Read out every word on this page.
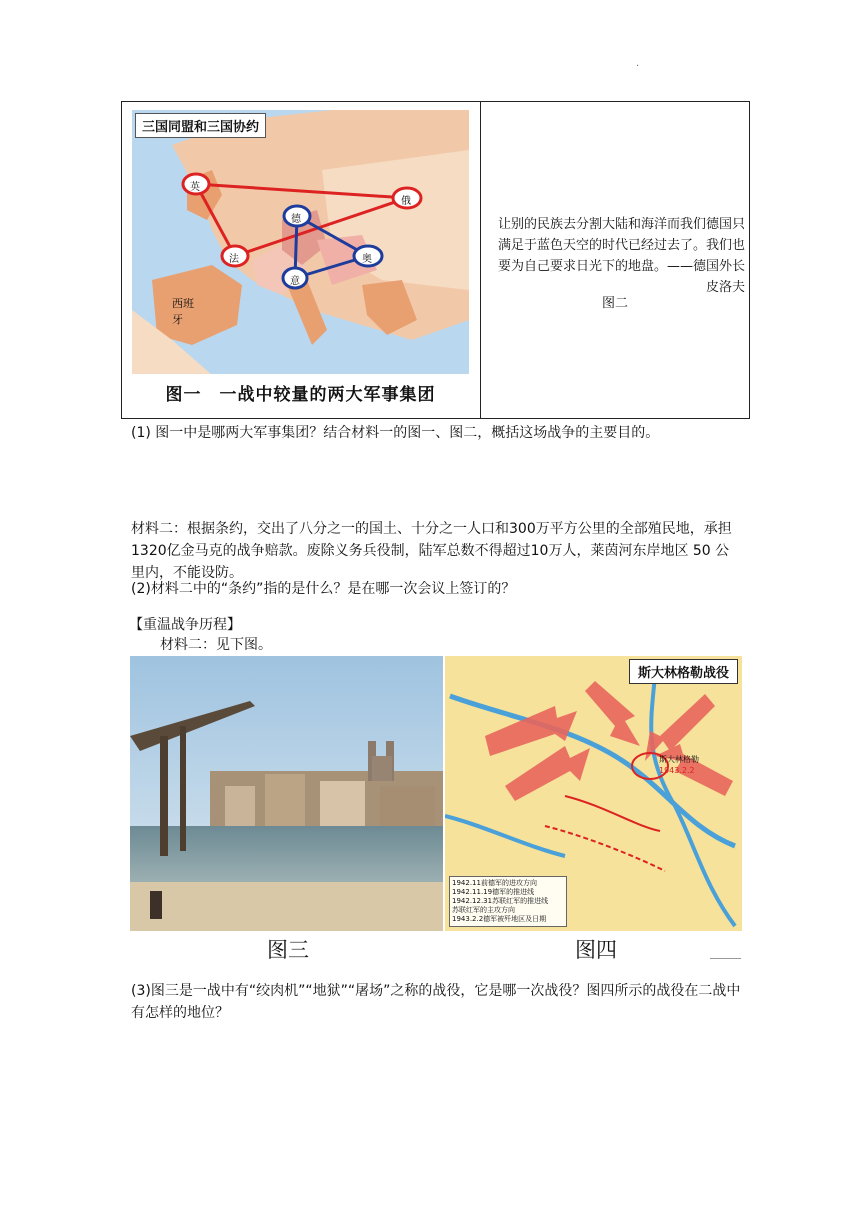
.
三国同盟和三国协约
英
俄
德
法	奥
意
西班牙
图一　一战中较量的两大军事集团
让别的民族去分割大陆和海洋而我们德国只满足于蓝色天空的时代已经过去了。我们也要为自己要求日光下的地盘。——德国外长皮洛夫
图二
(1) 图一中是哪两大军事集团？结合材料一的图一、图二，概括这场战争的主要目的。
材料二：根据条约，交出了八分之一的国土、十分之一人口和300万平方公里的全部殖民地，承担1320亿金马克的战争赔款。废除义务兵役制，陆军总数不得超过10万人，莱茵河东岸地区 50 公里内，不能设防。
(2)材料二中的“条约”指的是什么？是在哪一次会议上签订的？
【重温战争历程】
材料二：见下图。
斯大林格勒战役
斯大林格勒
1943.2.2
1942.11前德军的进攻方向
1942.11.19德军的推进线
1942.12.31苏联红军的推进线
苏联红军的主攻方向
1943.2.2德军被歼地区及日期
图三	图四
(3)图三是一战中有“绞肉机”“地狱”“屠场”之称的战役，它是哪一次战役？图四所示的战役在二战中有怎样的地位？
